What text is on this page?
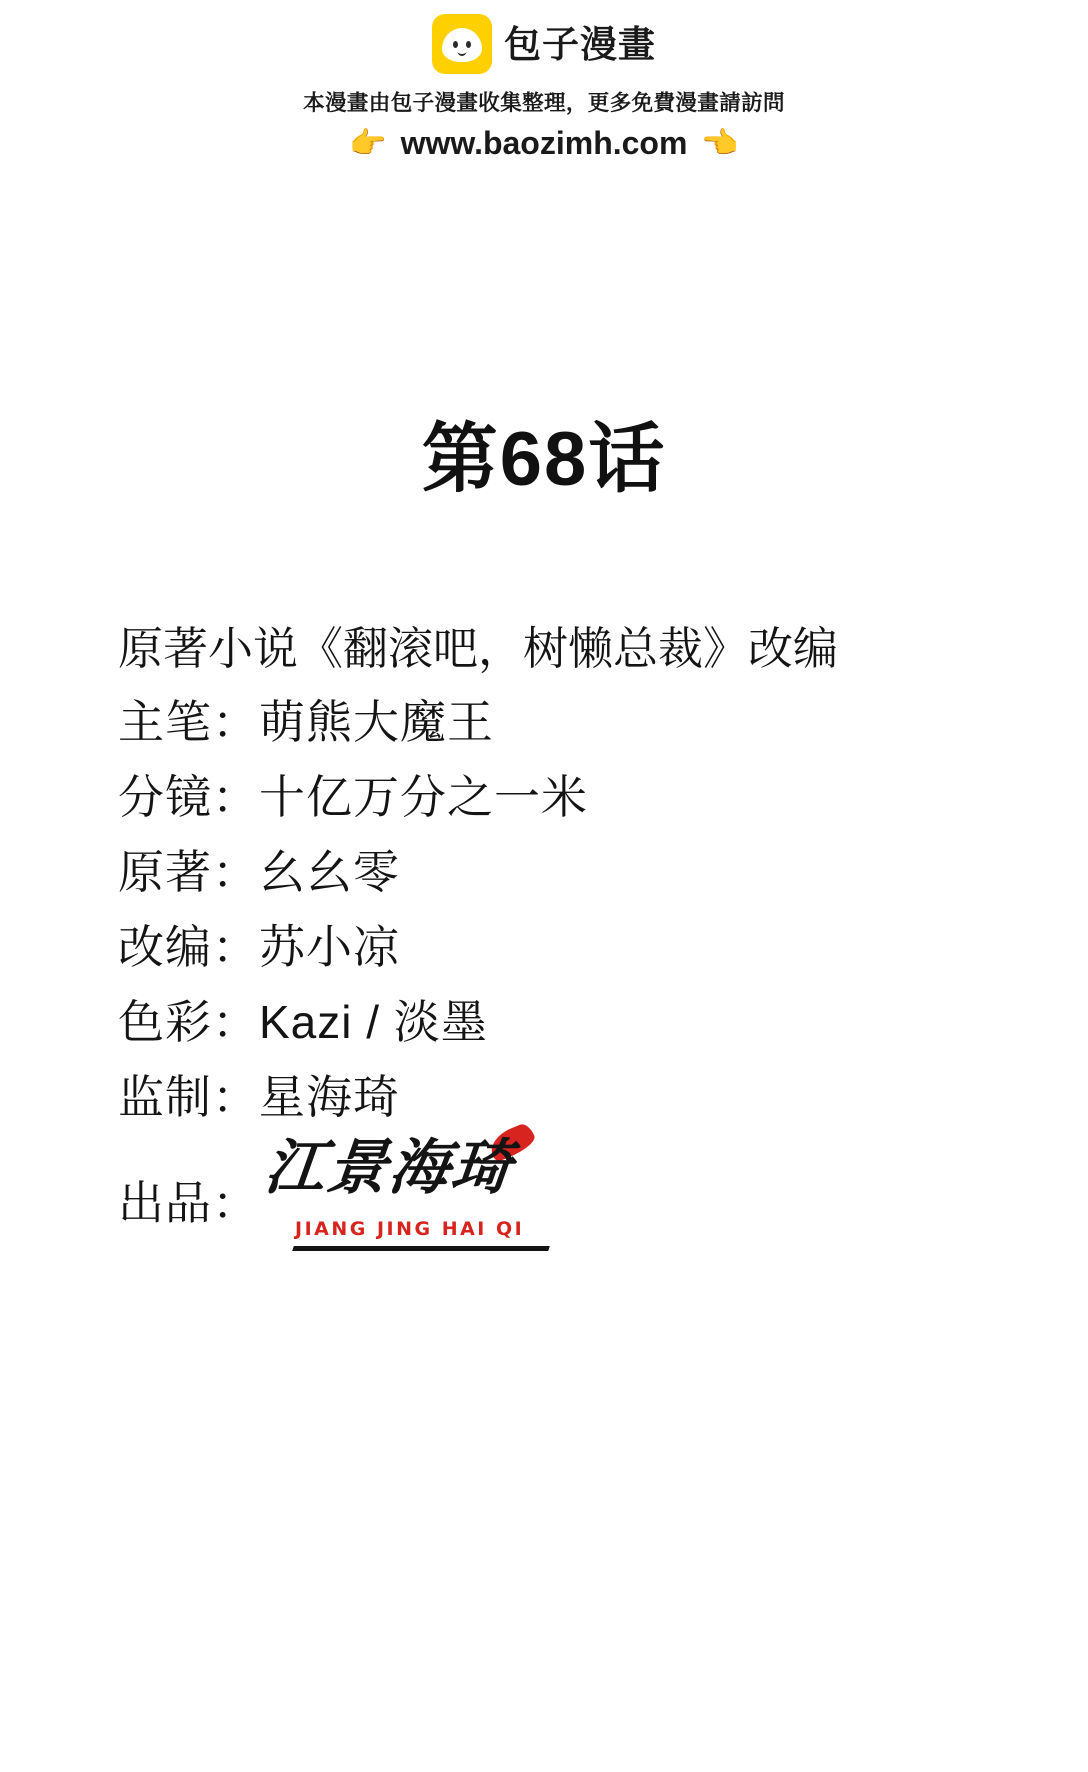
包子漫畫
本漫畫由包子漫畫收集整理，更多免費漫畫請訪問
👉 www.baozimh.com 👈
第68话
原著小说《翻滚吧，树懒总裁》改编
主笔：萌熊大魔王
分镜：十亿万分之一米
原著：幺幺零
改编：苏小凉
色彩：Kazi / 淡墨
监制：星海琦
出品：
江景海琦
JIANG JING HAI QI
